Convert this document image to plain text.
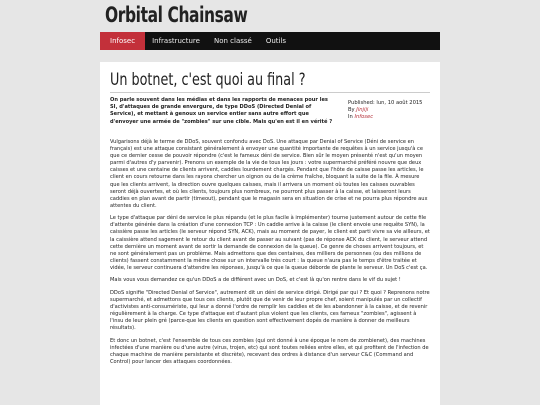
Orbital Chainsaw
Infosec	Infrastructure	Non classé	Outils
Un botnet, c'est quoi au final ?

On parle souvent dans les médias et dans les rapports de menaces pour les SI, d'attaques de grande envergure, de type DDoS (Directed Denial of Service), et mettant à genoux un service entier sans autre effort que d'envoyer une armée de "zombies" sur une cible. Mais qu'en est il en vérité ?

Published: lun, 10 août 2015
By Jinjiji
In Infosec

Vulgarisons déjà le terme de DDoS, souvent confondu avec DoS. Une attaque par Denial of Service (Déni de service en français) est une attaque consistant généralement à envoyer une quantité importante de requêtes à un service jusqu'à ce que ce dernier cesse de pouvoir répondre (c'est le fameux déni de service. Bien sûr le moyen présenté n'est qu'un moyen parmi d'autres d'y parvenir). Prenons un exemple de la vie de tous les jours : votre supermarché préféré nouvre que deux caisses et une centaine de clients arrivent, caddies lourdement chargés. Pendant que l'hôte de caisse passe les articles, le client en cours retourne dans les rayons chercher un oignon ou de la crème fraîche, bloquant la suite de la file. À mesure que les clients arrivent, la direction ouvre quelques caisses, mais il arrivera un moment où toutes les caisses ouvrables seront déjà ouvertes, et où les clients, toujours plus nombreux, ne pourront plus passer à la caisse, et laisseront leurs caddies en plan avant de partir (timeout), pendant que le magasin sera en situation de crise et ne pourra plus répondre aux attentes du client.

Le type d'attaque par déni de service le plus répandu (et le plus facile à implémenter) tourne justement autour de cette file d'attente générée dans la création d'une connexion TCP : Un caddie arrive à la caisse (le client envoie une requête SYN), la caissière passe les articles (le serveur répond SYN, ACK), mais au moment de payer, le client est parti vivre sa vie ailleurs, et la caissière attend sagement le retour du client avant de passer au suivant (pas de réponse ACK du client, le serveur attend cette dernière un moment avant de sortir la demande de connexion de la queue). Ce genre de choses arrivent toujours, et ne sont généralement pas un problème. Mais admettons que des centaines, des milliers de personnes (ou des millions de clients) fassent constamment la même chose sur un intervalle très court : la queue n'aura pas le temps d'être traitée et vidée, le serveur continuera d'attendre les réponses, jusqu'à ce que la queue déborde de plante le serveur. Un DoS c'est ça.

Mais vous vous demandez ce qu'un DDoS a de différent avec un DoS, et c'est là qu'on rentre dans le vif du sujet !

DDoS signifie "Directed Denial of Service", autrement dit un déni de service dirigé. Dirigé par qui ? Et quoi ? Reprenons notre supermarché, et admettons que tous ces clients, plutôt que de venir de leur propre chef, soient manipulés par un collectif d'activistes anti-consumériste, qui leur a donné l'ordre de remplir les caddies et de les abandonner à la caisse, et de revenir régulièrement à la charge. Ce type d'attaque est d'autant plus violent que les clients, ces fameux "zombies", agissent à l'insu de leur plein gré (parce-que les clients en question sont effectivement dopés de manière à donner de meilleurs résultats).

Et donc un botnet, c'est l'ensemble de tous ces zombies (qui ont donné à une époque le nom de zombienet), des machines infectées d'une manière ou d'une autre (virus, trojen, etc) qui sont toutes reliées entre elles, et qui profitent de l'infection de chaque machine de manière persistante et discrète), recevant des ordres à distance d'un serveur C&C (Command and Control) pour lancer des attaques coordonnées.
